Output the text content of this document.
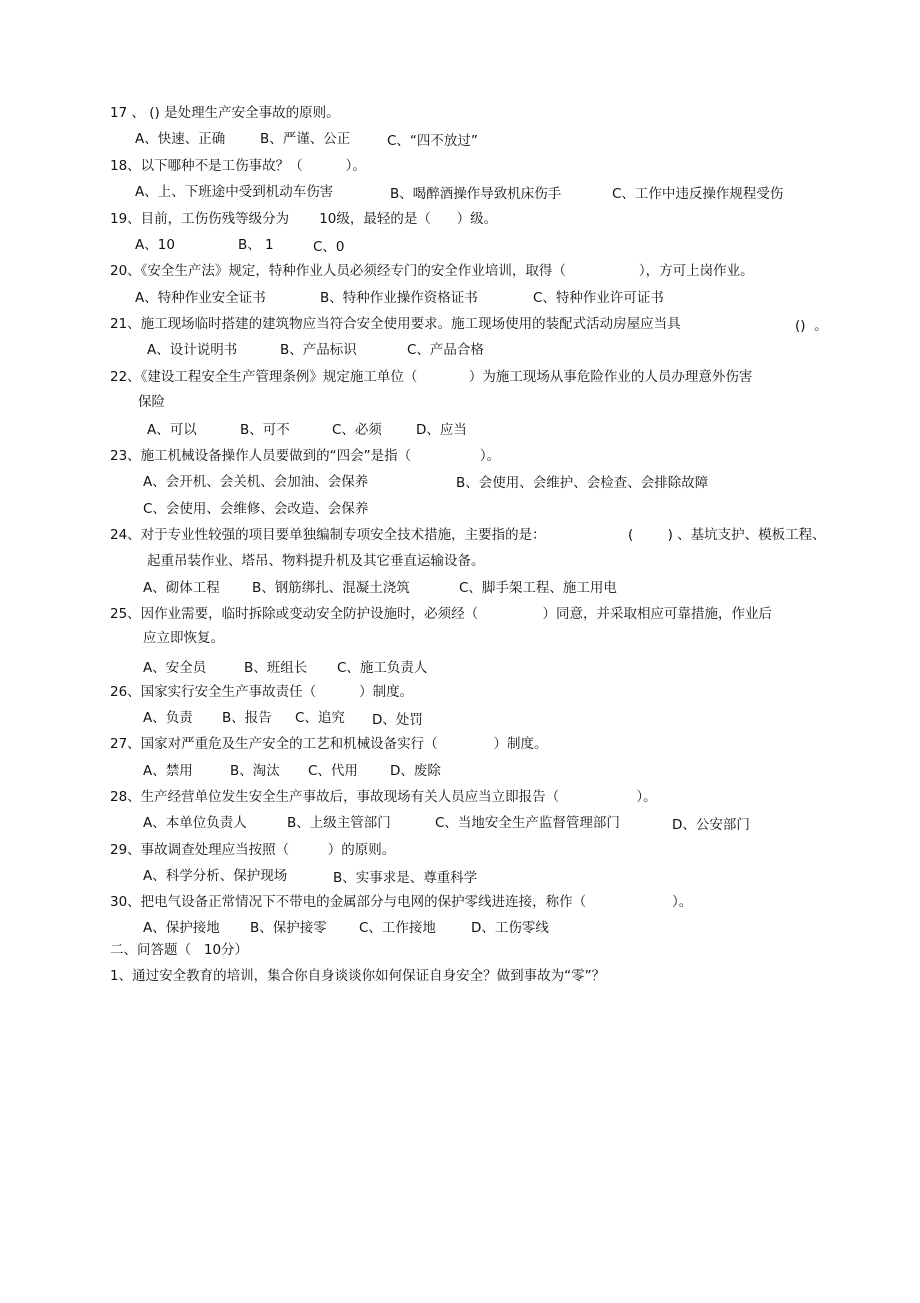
17 、 () 是处理生产安全事故的原则。
A、快速、正确	B、严谨、公正	C、“四不放过”
18、以下哪种不是工伤事故？（          ）。
A、上、下班途中受到机动车伤害	B、喝醉酒操作导致机床伤手	C、工作中违反操作规程受伤
19、目前，工伤伤残等级分为       10级，最轻的是（      ）级。
A、10	B、 1	C、0
20、《安全生产法》规定，特种作业人员必须经专门的安全作业培训，取得（                 ），方可上岗作业。
A、特种作业安全证书	B、特种作业操作资格证书	C、特种作业许可证书
21、施工现场临时搭建的建筑物应当符合安全使用要求。施工现场使用的装配式活动房屋应当具	()  。
A、设计说明书	B、产品标识	C、产品合格
22、《建设工程安全生产管理条例》规定施工单位（            ）为施工现场从事危险作业的人员办理意外伤害
保险
A、可以	B、可不	C、必须	D、应当
23、施工机械设备操作人员要做到的“四会”是指（                ）。
A、会开机、会关机、会加油、会保养	B、会使用、会维护、会检查、会排除故障
C、会使用、会维修、会改造、会保养
24、对于专业性较强的项目要单独编制专项安全技术措施，主要指的是：	(        ) 、基坑支护、模板工程、
起重吊装作业、塔吊、物料提升机及其它垂直运输设备。
A、砌体工程 B、钢筋绑扎、混凝土浇筑	C、脚手架工程、施工用电
25、因作业需要，临时拆除或变动安全防护设施时，必须经（               ）同意，并采取相应可靠措施，作业后
应立即恢复。
A、安全员	B、班组长 C、施工负责人
26、国家实行安全生产事故责任（          ）制度。
A、负责 B、报告 C、追究 D、处罚
27、国家对严重危及生产安全的工艺和机械设备实行（             ）制度。
A、禁用	B、淘汰 C、代用 D、废除
28、生产经营单位发生安全生产事故后，事故现场有关人员应当立即报告（                  ）。
A、本单位负责人	B、上级主管部门	C、当地安全生产监督管理部门	D、公安部门
29、事故调查处理应当按照（         ）的原则。
A、科学分析、保护现场	B、实事求是、尊重科学
30、把电气设备正常情况下不带电的金属部分与电网的保护零线进连接，称作（                    ）。
A、保护接地 B、保护接零 C、工作接地	D、工伤零线
二、问答题（   10分）
1、通过安全教育的培训，集合你自身谈谈你如何保证自身安全？做到事故为“零”？
